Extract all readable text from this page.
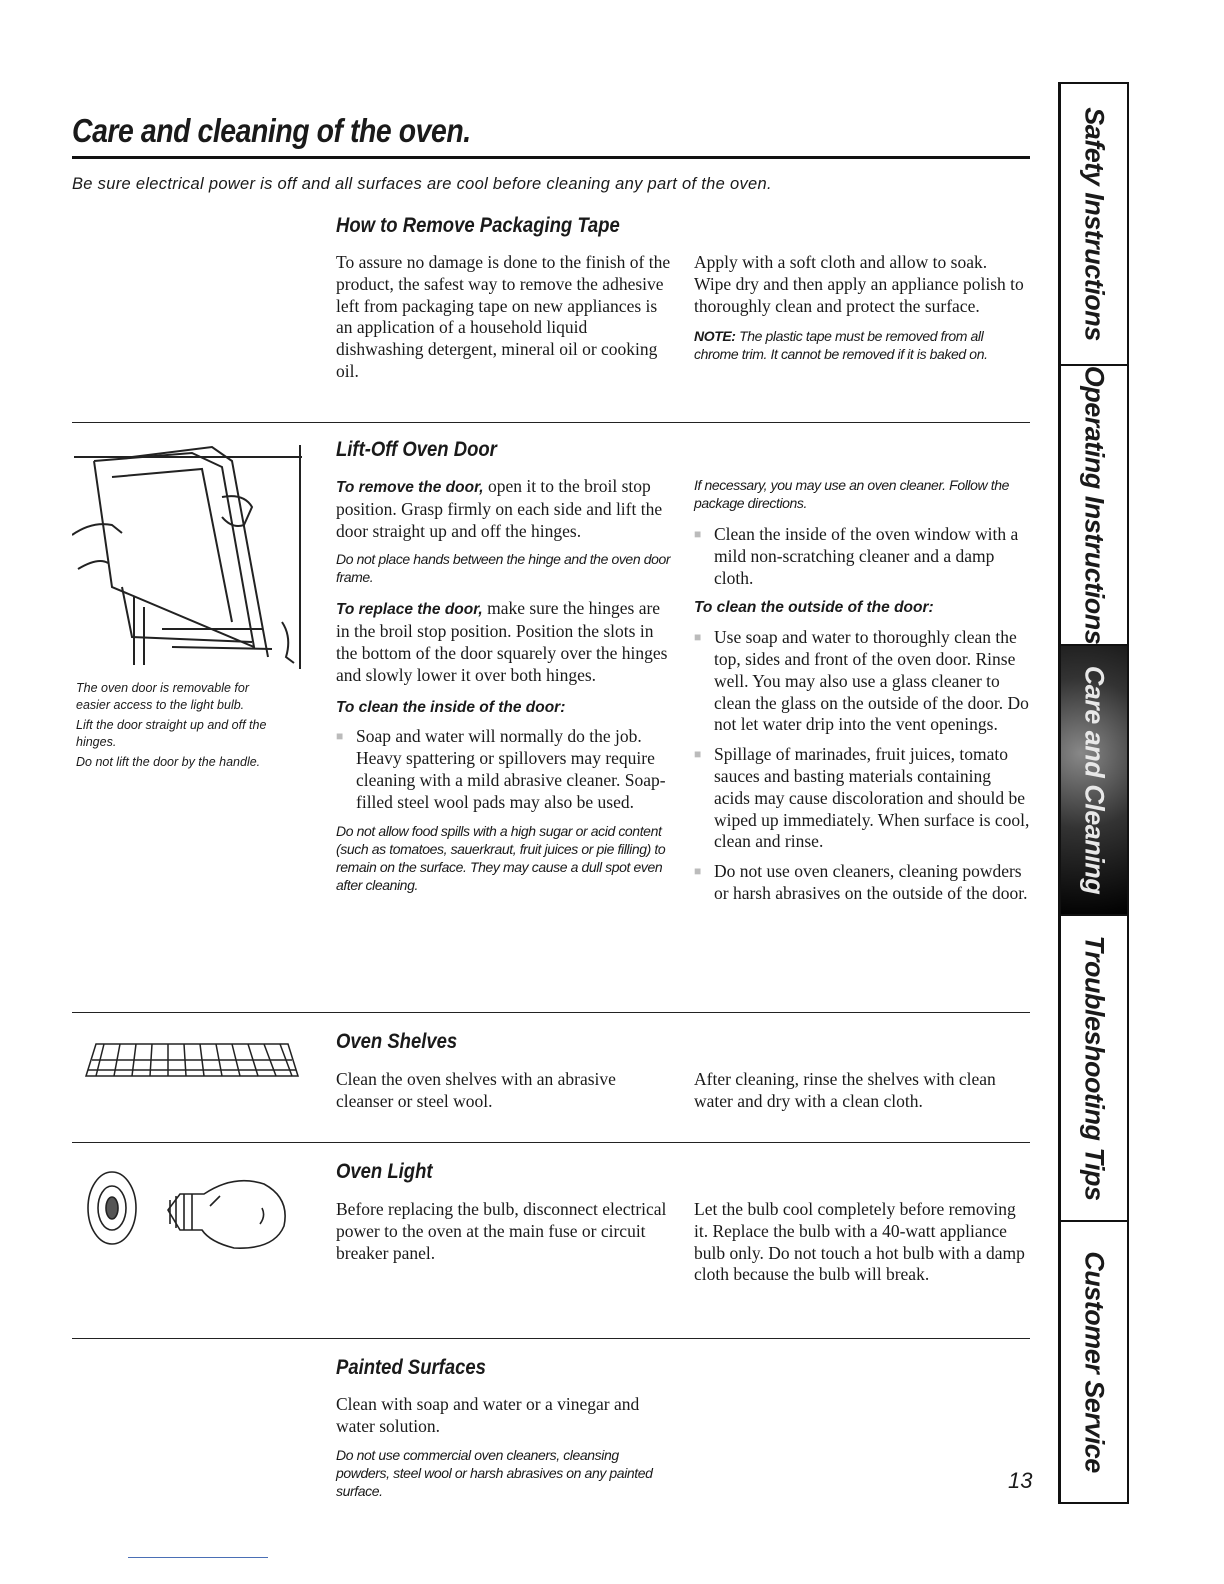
Care and cleaning of the oven.
Be sure electrical power is off and all surfaces are cool before cleaning any part of the oven.
How to Remove Packaging Tape
To assure no damage is done to the finish of the product, the safest way to remove the adhesive left from packaging tape on new appliances is an application of a household liquid dishwashing detergent, mineral oil or cooking oil.

Apply with a soft cloth and allow to soak. Wipe dry and then apply an appliance polish to thoroughly clean and protect the surface.

NOTE: The plastic tape must be removed from all chrome trim. It cannot be removed if it is baked on.

The oven door is removable for easier access to the light bulb.
Lift the door straight up and off the hinges.
Do not lift the door by the handle.
Lift-Off Oven Door

To remove the door, open it to the broil stop position. Grasp firmly on each side and lift the door straight up and off the hinges.

Do not place hands between the hinge and the oven door frame.

To replace the door, make sure the hinges are in the broil stop position. Position the slots in the bottom of the door squarely over the hinges and slowly lower it over both hinges.

To clean the inside of the door:

■ Soap and water will normally do the job. Heavy spattering or spillovers may require cleaning with a mild abrasive cleaner. Soap-filled steel wool pads may also be used.

Do not allow food spills with a high sugar or acid content (such as tomatoes, sauerkraut, fruit juices or pie filling) to remain on the surface. They may cause a dull spot even after cleaning.

If necessary, you may use an oven cleaner. Follow the package directions.

■ Clean the inside of the oven window with a mild non-scratching cleaner and a damp cloth.

To clean the outside of the door:

■ Use soap and water to thoroughly clean the top, sides and front of the oven door. Rinse well. You may also use a glass cleaner to clean the glass on the outside of the door. Do not let water drip into the vent openings.
■ Spillage of marinades, fruit juices, tomato sauces and basting materials containing acids may cause discoloration and should be wiped up immediately. When surface is cool, clean and rinse.
■ Do not use oven cleaners, cleaning powders or harsh abrasives on the outside of the door.
Oven Shelves
Clean the oven shelves with an abrasive cleanser or steel wool.
After cleaning, rinse the shelves with clean water and dry with a clean cloth.
Oven Light
Before replacing the bulb, disconnect electrical power to the oven at the main fuse or circuit breaker panel.
Let the bulb cool completely before removing it. Replace the bulb with a 40-watt appliance bulb only. Do not touch a hot bulb with a damp cloth because the bulb will break.
Painted Surfaces

Clean with soap and water or a vinegar and water solution.

Do not use commercial oven cleaners, cleansing powders, steel wool or harsh abrasives on any painted surface.	13
Safety Instructions
Operating Instructions
Care and Cleaning
Troubleshooting Tips
Customer Service
